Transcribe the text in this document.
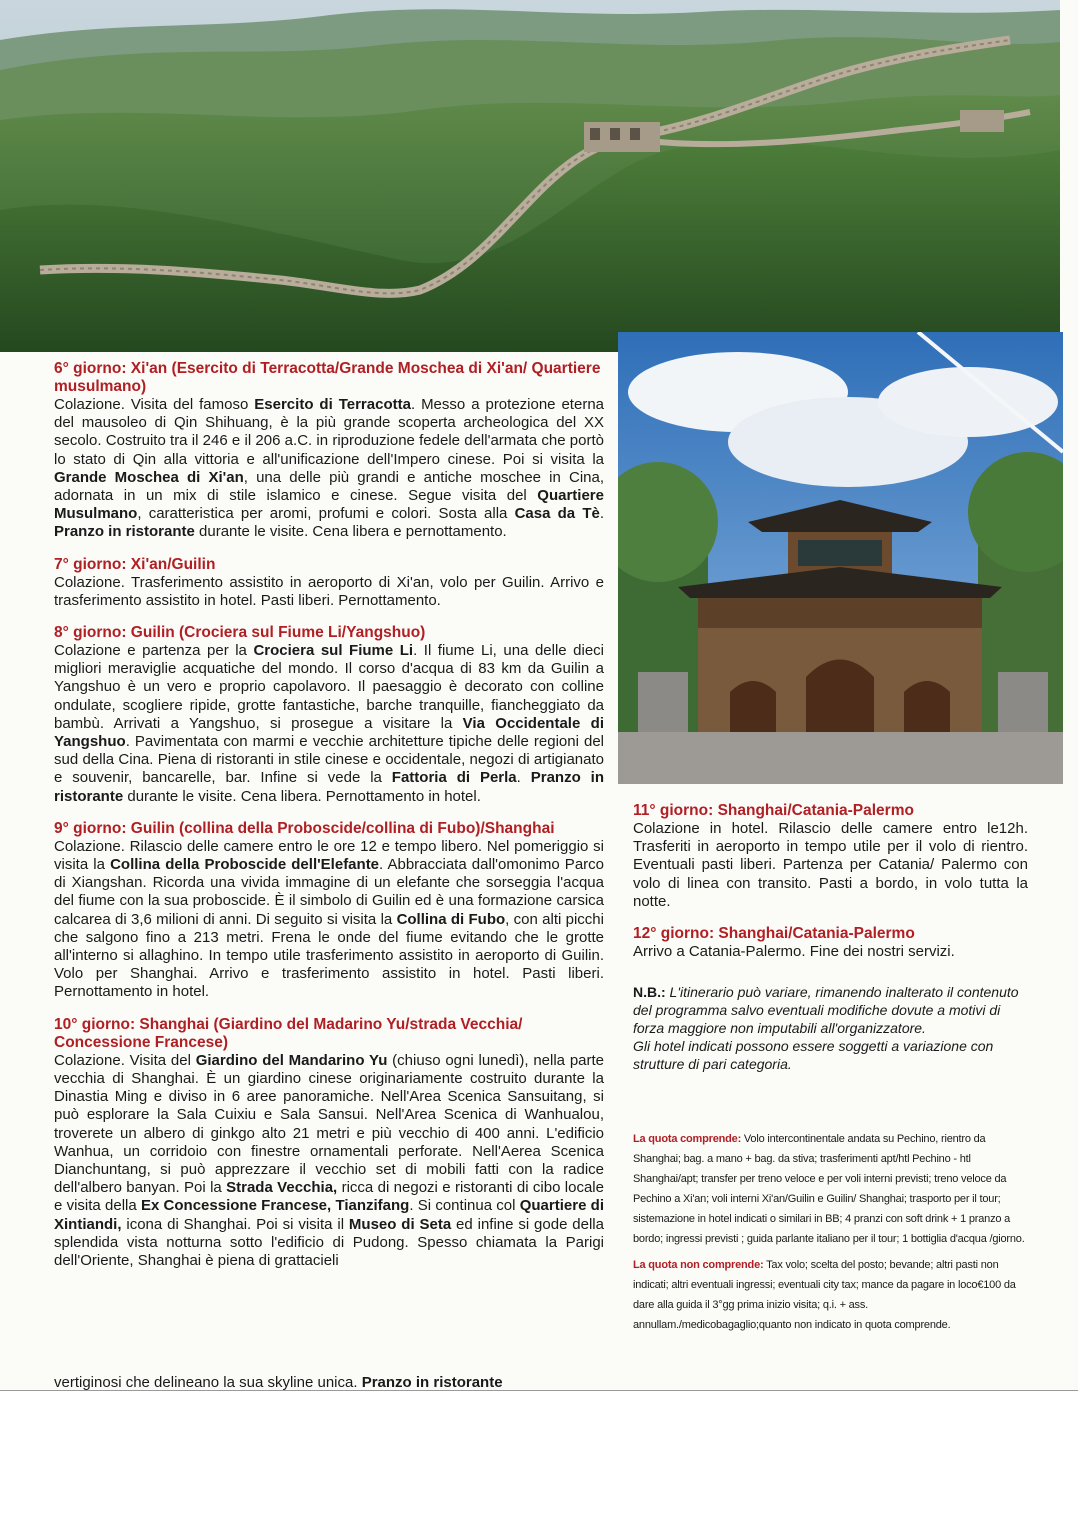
6° giorno: Xi'an (Esercito di Terracotta/Grande Moschea di Xi'an/ Quartiere musulmano)

Colazione. Visita del famoso Esercito di Terracotta. Messo a protezione eterna del mausoleo di Qin Shihuang, è la più grande scoperta archeologica del XX secolo. Costruito tra il 246 e il 206 a.C. in riproduzione fedele dell'armata che portò lo stato di Qin alla vittoria e all'unificazione dell'Impero cinese. Poi si visita la Grande Moschea di Xi'an, una delle più grandi e antiche moschee in Cina, adornata in un mix di stile islamico e cinese. Segue visita del Quartiere Musulmano, caratteristica per aromi, profumi e colori. Sosta alla Casa da Tè. Pranzo in ristorante durante le visite. Cena libera e pernottamento.

7° giorno: Xi'an/Guilin

Colazione. Trasferimento assistito in aeroporto di Xi'an, volo per Guilin. Arrivo e trasferimento assistito in hotel. Pasti liberi. Pernottamento.

8° giorno: Guilin (Crociera sul Fiume Li/Yangshuo)

Colazione e partenza per la Crociera sul Fiume Li. Il fiume Li, una delle dieci migliori meraviglie acquatiche del mondo. Il corso d'acqua di 83 km da Guilin a Yangshuo è un vero e proprio capolavoro. Il paesaggio è decorato con colline ondulate, scogliere ripide, grotte fantastiche, barche tranquille, fiancheggiato da bambù. Arrivati a Yangshuo, si prosegue a visitare la Via Occidentale di Yangshuo. Pavimentata con marmi e vecchie architetture tipiche delle regioni del sud della Cina. Piena di ristoranti in stile cinese e occidentale, negozi di artigianato e souvenir, bancarelle, bar. Infine si vede la Fattoria di Perla. Pranzo in ristorante durante le visite. Cena libera. Pernottamento in hotel.

9° giorno: Guilin (collina della Proboscide/collina di Fubo)/Shanghai

Colazione. Rilascio delle camere entro le ore 12 e tempo libero. Nel pomeriggio si visita la Collina della Proboscide dell'Elefante. Abbracciata dall'omonimo Parco di Xiangshan. Ricorda una vivida immagine di un elefante che sorseggia l'acqua del fiume con la sua proboscide. È il simbolo di Guilin ed è una formazione carsica calcarea di 3,6 milioni di anni. Di seguito si visita la Collina di Fubo, con alti picchi che salgono fino a 213 metri. Frena le onde del fiume evitando che le grotte all'interno si allaghino. In tempo utile trasferimento assistito in aeroporto di Guilin. Volo per Shanghai. Arrivo e trasferimento assistito in hotel. Pasti liberi. Pernottamento in hotel.

10° giorno: Shanghai (Giardino del Madarino Yu/strada Vecchia/ Concessione Francese)

Colazione. Visita del Giardino del Mandarino Yu (chiuso ogni lunedì), nella parte vecchia di Shanghai. È un giardino cinese originariamente costruito durante la Dinastia Ming e diviso in 6 aree panoramiche. Nell'Area Scenica Sansuitang, si può esplorare la Sala Cuixiu e Sala Sansui. Nell'Area Scenica di Wanhualou, troverete un albero di ginkgo alto 21 metri e più vecchio di 400 anni. L'edificio Wanhua, un corridoio con finestre ornamentali perforate. Nell'Aerea Scenica Dianchuntang, si può apprezzare il vecchio set di mobili fatti con la radice dell'albero banyan. Poi la Strada Vecchia, ricca di negozi e ristoranti di cibo locale e visita della Ex Concessione Francese, Tianzifang. Si continua col Quartiere di Xintiandi, icona di Shanghai. Poi si visita il Museo di Seta ed infine si gode della splendida vista notturna sotto l'edificio di Pudong. Spesso chiamata la Parigi dell'Oriente, Shanghai è piena di grattacieli

11° giorno: Shanghai/Catania-Palermo

Colazione in hotel. Rilascio delle camere entro le12h. Trasferiti in aeroporto in tempo utile per il volo di rientro. Eventuali pasti liberi. Partenza per Catania/ Palermo con volo di linea con transito. Pasti a bordo, in volo tutta la notte.

12° giorno: Shanghai/Catania-Palermo

Arrivo a Catania-Palermo. Fine dei nostri servizi.

N.B.: L'itinerario può variare, rimanendo inalterato il contenuto del programma salvo eventuali modifiche dovute a motivi di forza maggiore non imputabili all'organizzatore.
Gli hotel indicati possono essere soggetti a variazione con strutture di pari categoria.

La quota comprende: Volo intercontinentale andata su Pechino, rientro da Shanghai; bag. a mano + bag. da stiva; trasferimenti apt/htl Pechino - htl Shanghai/apt; transfer per treno veloce e per voli interni previsti; treno veloce da Pechino a Xi'an; voli interni Xi'an/Guilin e Guilin/ Shanghai; trasporto per il tour; sistemazione in hotel indicati o similari in BB; 4 pranzi con soft drink + 1 pranzo a bordo; ingressi previsti ; guida parlante italiano per il tour; 1 bottiglia d'acqua /giorno.

La quota non comprende: Tax volo; scelta del posto; bevande; altri pasti non indicati; altri eventuali ingressi; eventuali city tax; mance da pagare in loco€100 da dare alla guida il 3°gg prima inizio visita; q.i. + ass. annullam./medicobagaglio;quanto non indicato in quota comprende.

vertiginosi che delineano la sua skyline unica. Pranzo in ristorante
